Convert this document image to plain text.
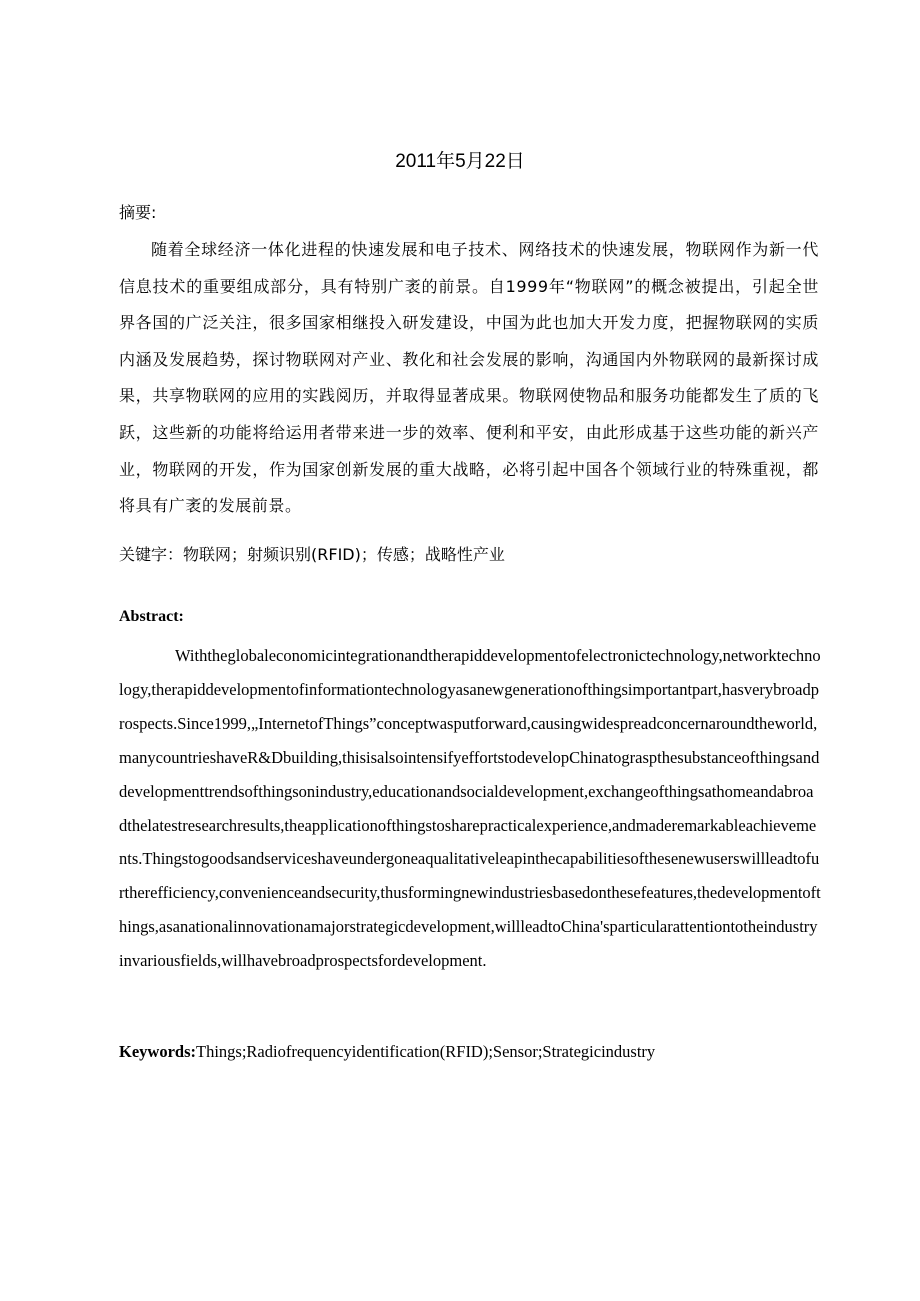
2011年5月22日
摘要:

随着全球经济一体化进程的快速发展和电子技术、网络技术的快速发展，物联网作为新一代信息技术的重要组成部分，具有特别广袤的前景。自1999年“物联网”的概念被提出，引起全世界各国的广泛关注，很多国家相继投入研发建设，中国为此也加大开发力度，把握物联网的实质内涵及发展趋势，探讨物联网对产业、教化和社会发展的影响，沟通国内外物联网的最新探讨成果，共享物联网的应用的实践阅历，并取得显著成果。物联网使物品和服务功能都发生了质的飞跃，这些新的功能将给运用者带来进一步的效率、便利和平安，由此形成基于这些功能的新兴产业，物联网的开发，作为国家创新发展的重大战略，必将引起中国各个领域行业的特殊重视，都将具有广袤的发展前景。

关键字：物联网；射频识别(RFID)；传感；战略性产业
Abstract:

Withtheglobaleconomicintegrationandtherapiddevelopmentofelectronictechnology,networktechnology,therapiddevelopmentofinformationtechnologyasanewgenerationofthingsimportantpart,hasverybroadprospects.Since1999,„InternetofThings”conceptwasputforward,causingwidespreadconcernaroundtheworld,manycountrieshaveR&Dbuilding,thisisalsointensifyeffortstodevelopChinatograspthesubstanceofthingsanddevelopmenttrendsofthingsonindustry,educationandsocialdevelopment,exchangeofthingsathomeandabroadthelatestresearchresults,theapplicationofthingstosharepracticalexperience,andmaderemarkableachievements.Thingstogoodsandserviceshaveundergoneaqualitativeleapinthecapabilitiesofthesenewuserswillleadtofurtherefficiency,convenienceandsecurity,thusformingnewindustriesbasedonthesefeatures,thedevelopmentofthings,asanationalinnovationamajorstrategicdevelopment,willleadtoChina'sparticularattentiontotheindustryinvariousfields,willhavebroadprospectsfordevelopment.

Keywords:Things;Radiofrequencyidentification(RFID);Sensor;Strategicindustry
